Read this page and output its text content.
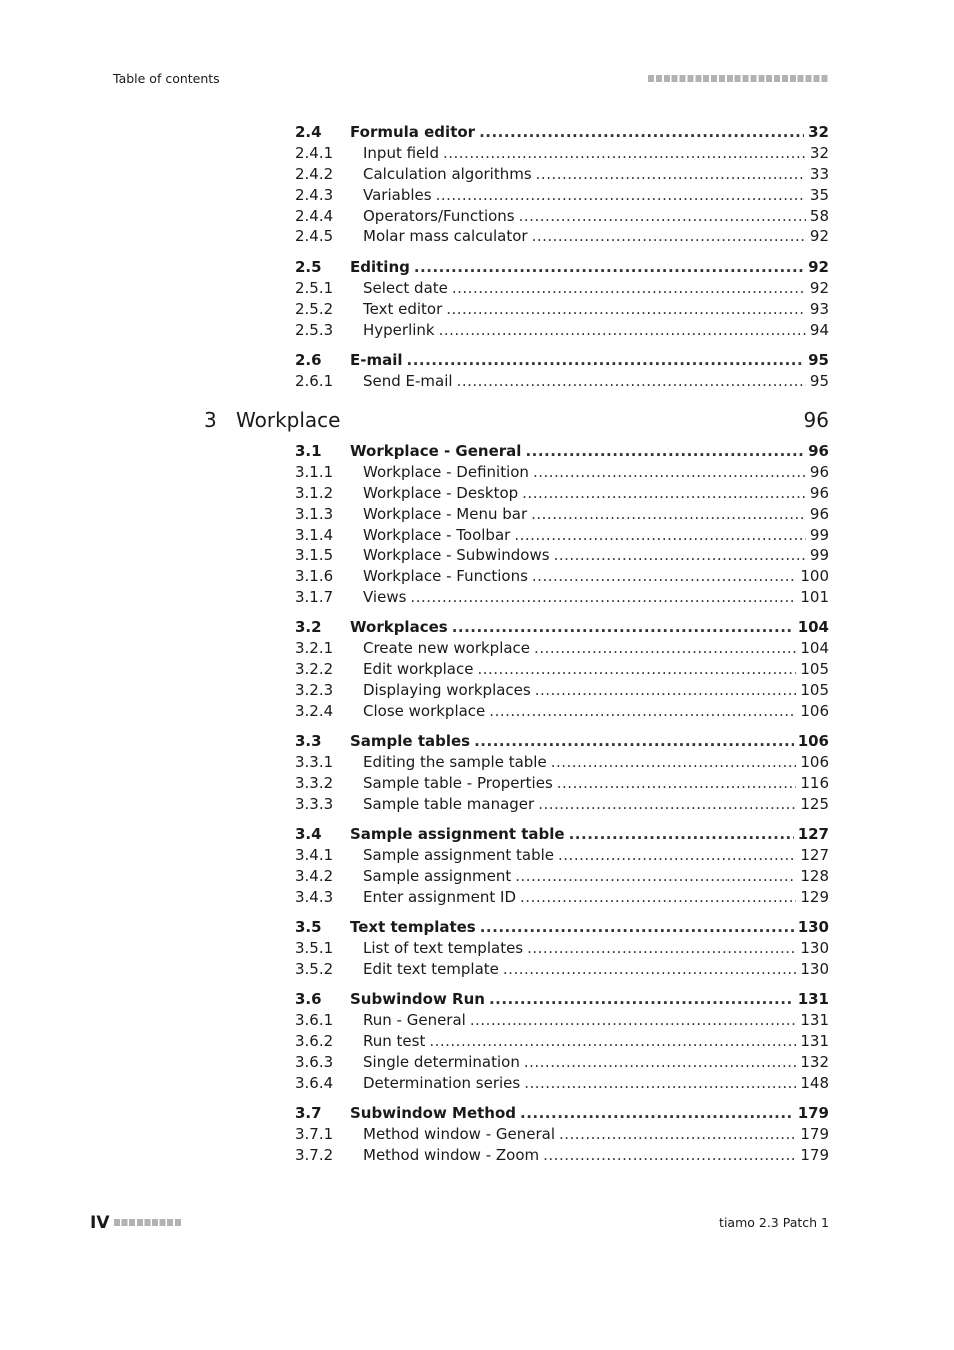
Table of contents
2.4 Formula editor .....	32
2.4.1 Input field .....	32
2.4.2 Calculation algorithms .....	33
2.4.3 Variables .....	35
2.4.4 Operators/Functions .....	58
2.4.5 Molar mass calculator .....	92
2.5 Editing .....	92
2.5.1 Select date .....	92
2.5.2 Text editor .....	93
2.5.3 Hyperlink .....	94
2.6 E-mail .....	95
2.6.1 Send E-mail .....	95
3.1 Workplace - General .....	96
3.1.1 Workplace - Definition .....	96
3.1.2 Workplace - Desktop .....	96
3.1.3 Workplace - Menu bar .....	96
3.1.4 Workplace - Toolbar .....	99
3.1.5 Workplace - Subwindows .....	99
3.1.6 Workplace - Functions .....	100
3.1.7 Views .....	101
3.2 Workplaces .....	104
3.2.1 Create new workplace .....	104
3.2.2 Edit workplace .....	105
3.2.3 Displaying workplaces .....	105
3.2.4 Close workplace .....	106
3.3 Sample tables .....	106
3.3.1 Editing the sample table .....	106
3.3.2 Sample table - Properties .....	116
3.3.3 Sample table manager .....	125
3.4 Sample assignment table .....	127
3.4.1 Sample assignment table .....	127
3.4.2 Sample assignment .....	128
3.4.3 Enter assignment ID .....	129
3.5 Text templates .....	130
3.5.1 List of text templates .....	130
3.5.2 Edit text template .....	130
3.6 Subwindow Run .....	131
3.6.1 Run - General .....	131
3.6.2 Run test .....	131
3.6.3 Single determination .....	132
3.6.4 Determination series .....	148
3.7 Subwindow Method .....	179
3.7.1 Method window - General .....	179
3.7.2 Method window - Zoom .....	179
3 Workplace	96
IV	tiamo 2.3 Patch 1
